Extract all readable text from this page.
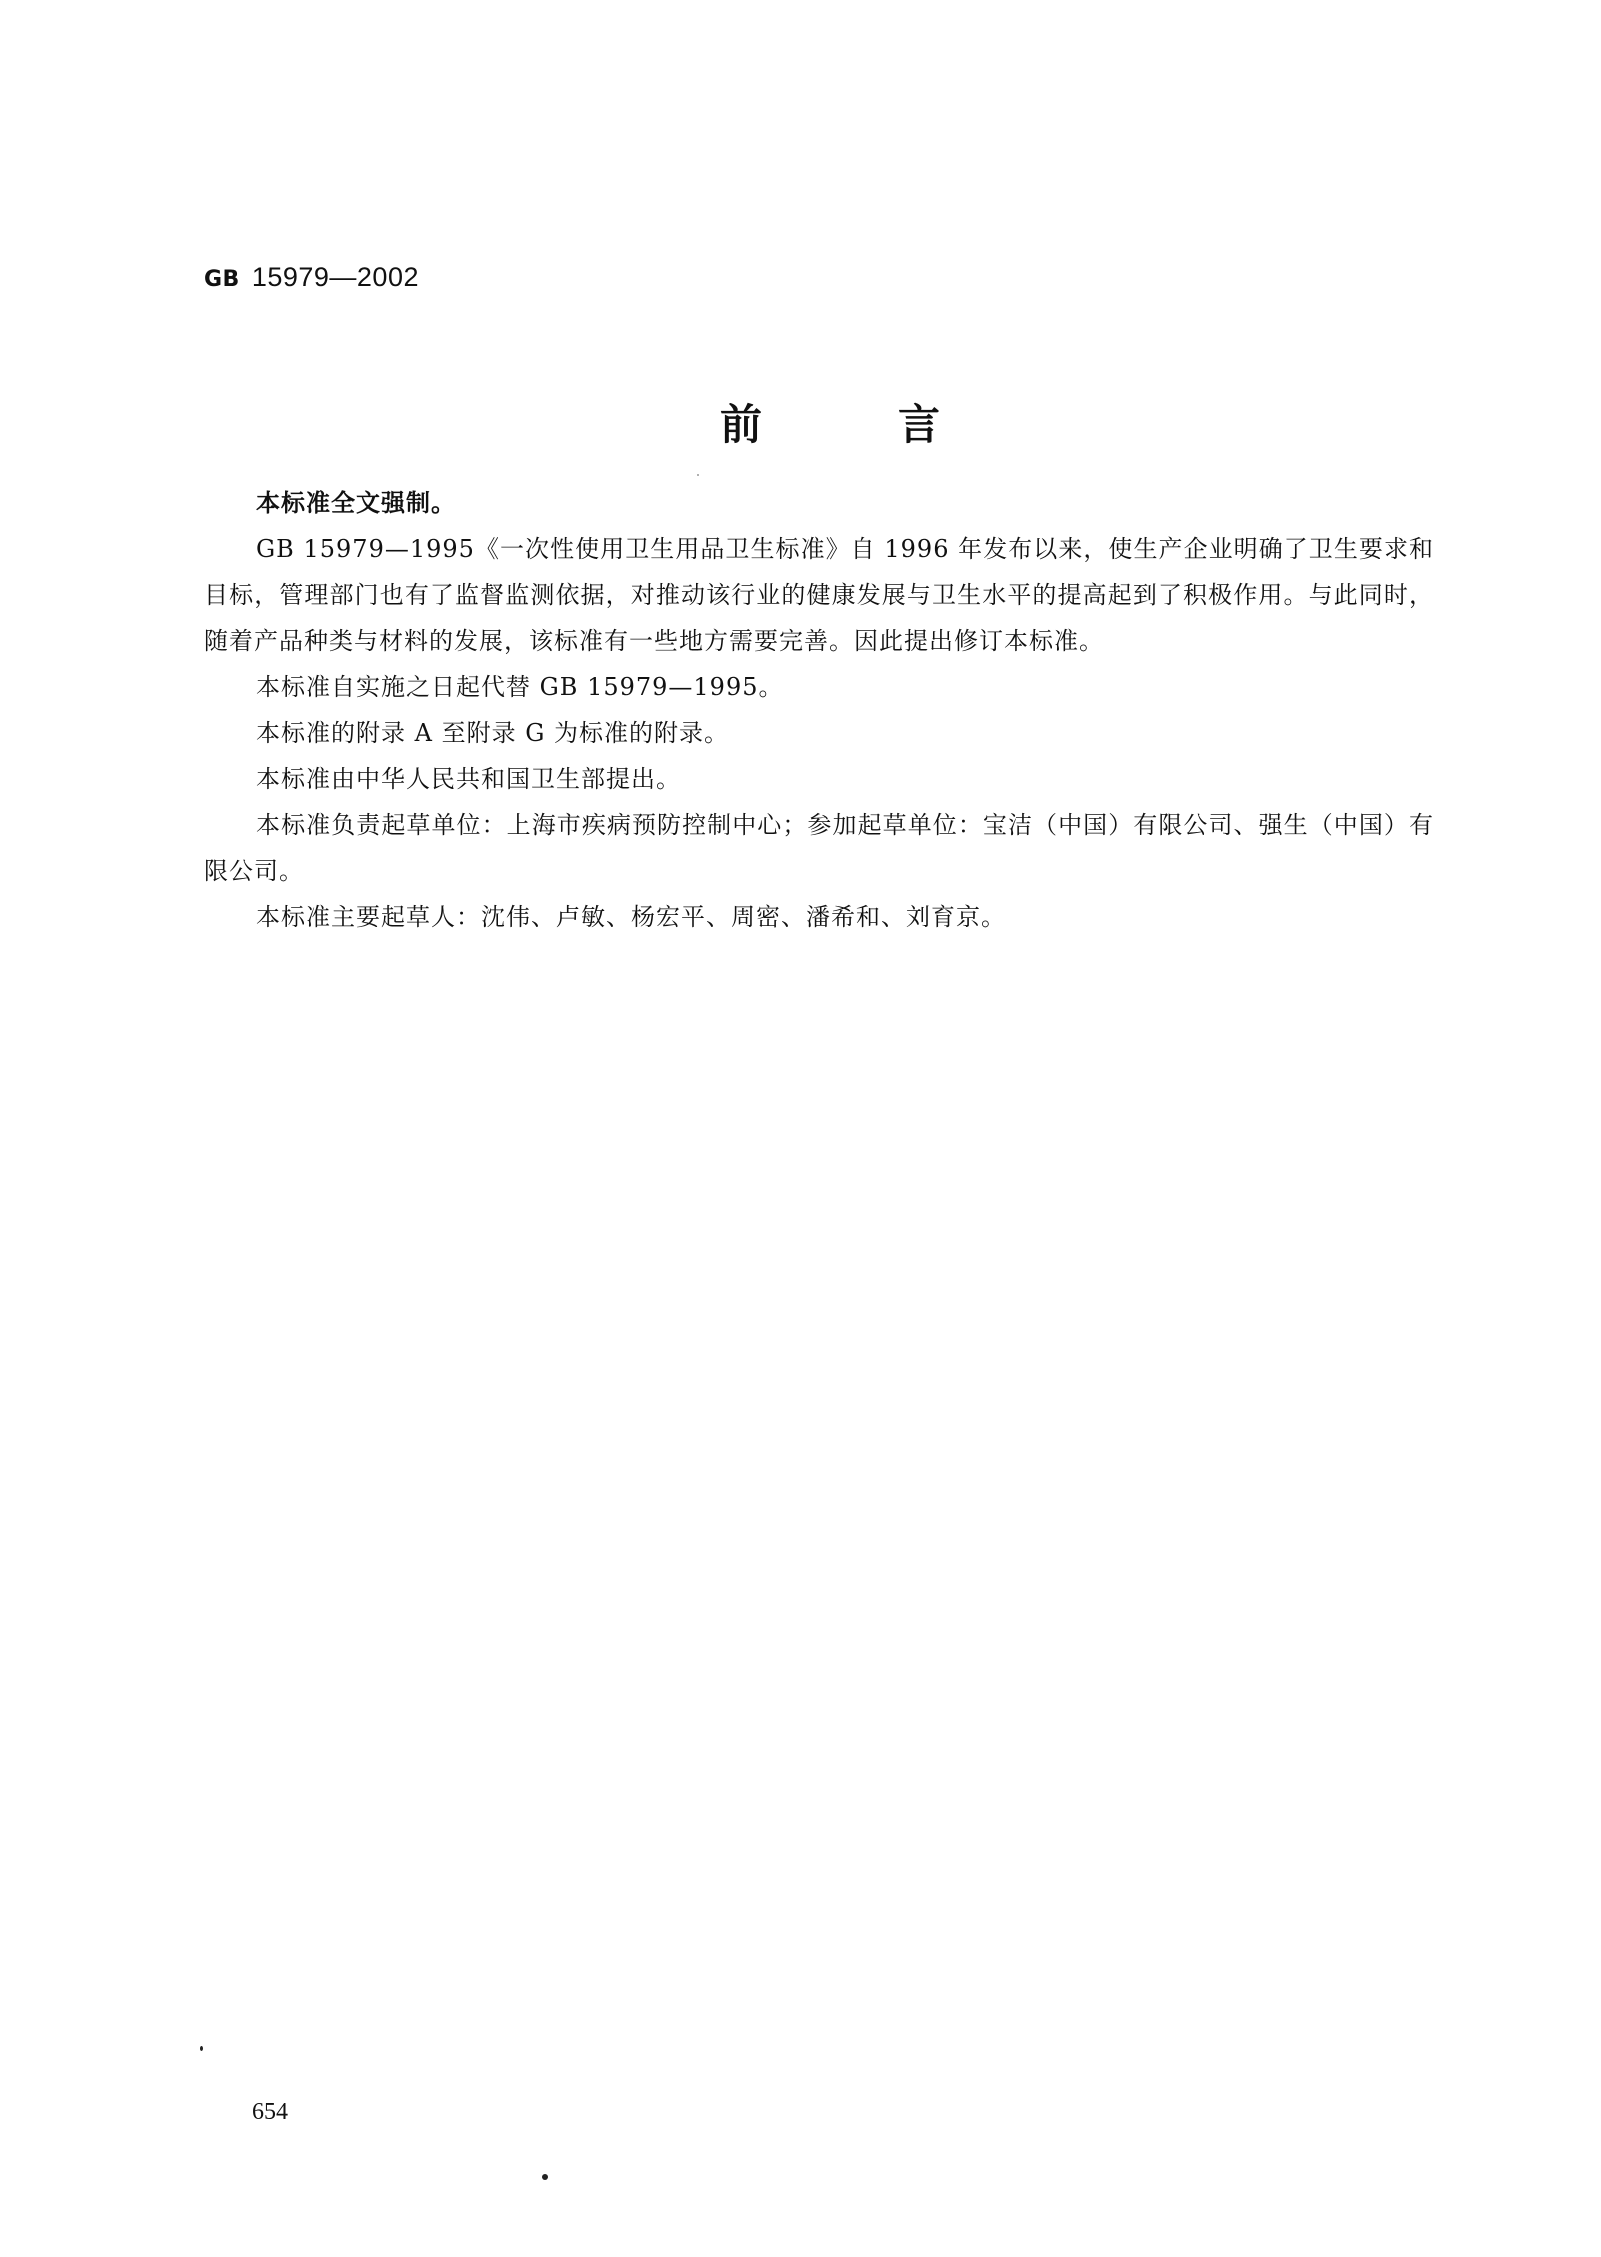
GB 15979—2002
前	言

本标准全文强制。

GB 15979—1995《一次性使用卫生用品卫生标准》自 1996 年发布以来，使生产企业明确了卫生要求和目标，管理部门也有了监督监测依据，对推动该行业的健康发展与卫生水平的提高起到了积极作用。与此同时，随着产品种类与材料的发展，该标准有一些地方需要完善。因此提出修订本标准。

本标准自实施之日起代替 GB 15979—1995。

本标准的附录 A 至附录 G 为标准的附录。

本标准由中华人民共和国卫生部提出。

本标准负责起草单位：上海市疾病预防控制中心；参加起草单位：宝洁（中国）有限公司、强生（中国）有限公司。

本标准主要起草人：沈伟、卢敏、杨宏平、周密、潘希和、刘育京。

654
